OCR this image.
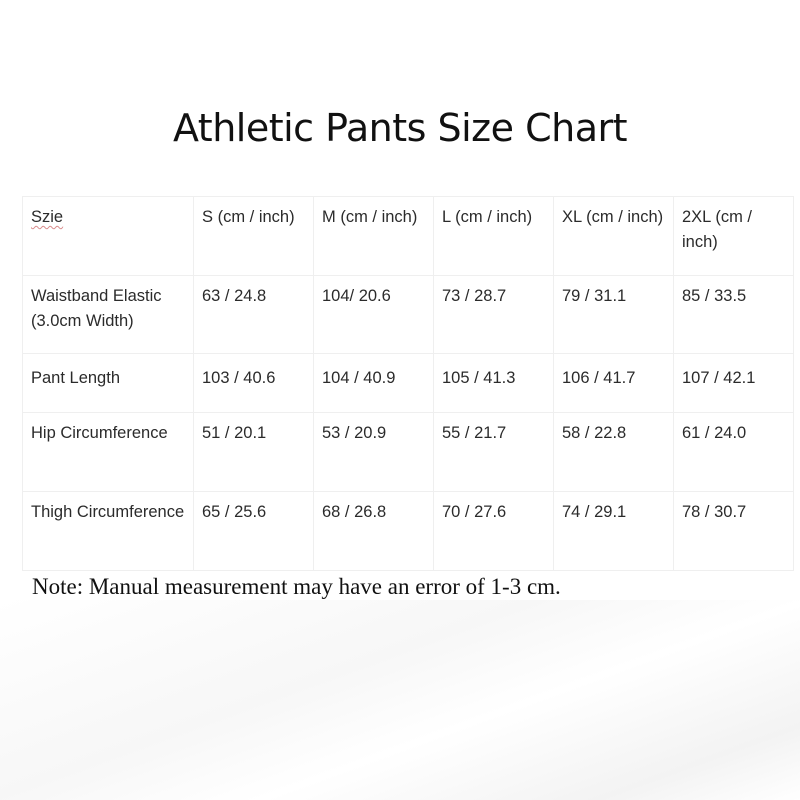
Athletic Pants Size Chart
Szie	S (cm / inch)	M (cm / inch)	L (cm / inch)	XL (cm / inch)	2XL (cm / inch)
Waistband Elastic (3.0cm Width)	63 / 24.8	104/ 20.6	73 / 28.7	79 / 31.1	85 / 33.5
Pant Length	103 / 40.6	104 / 40.9	105 / 41.3	106 / 41.7	107 / 42.1
Hip Circumference	51 / 20.1	53 / 20.9	55 / 21.7	58 / 22.8	61 / 24.0
Thigh Circumference	65 / 25.6	68 / 26.8	70 / 27.6	74 / 29.1	78 / 30.7
Note: Manual measurement may have an error of 1-3 cm.
